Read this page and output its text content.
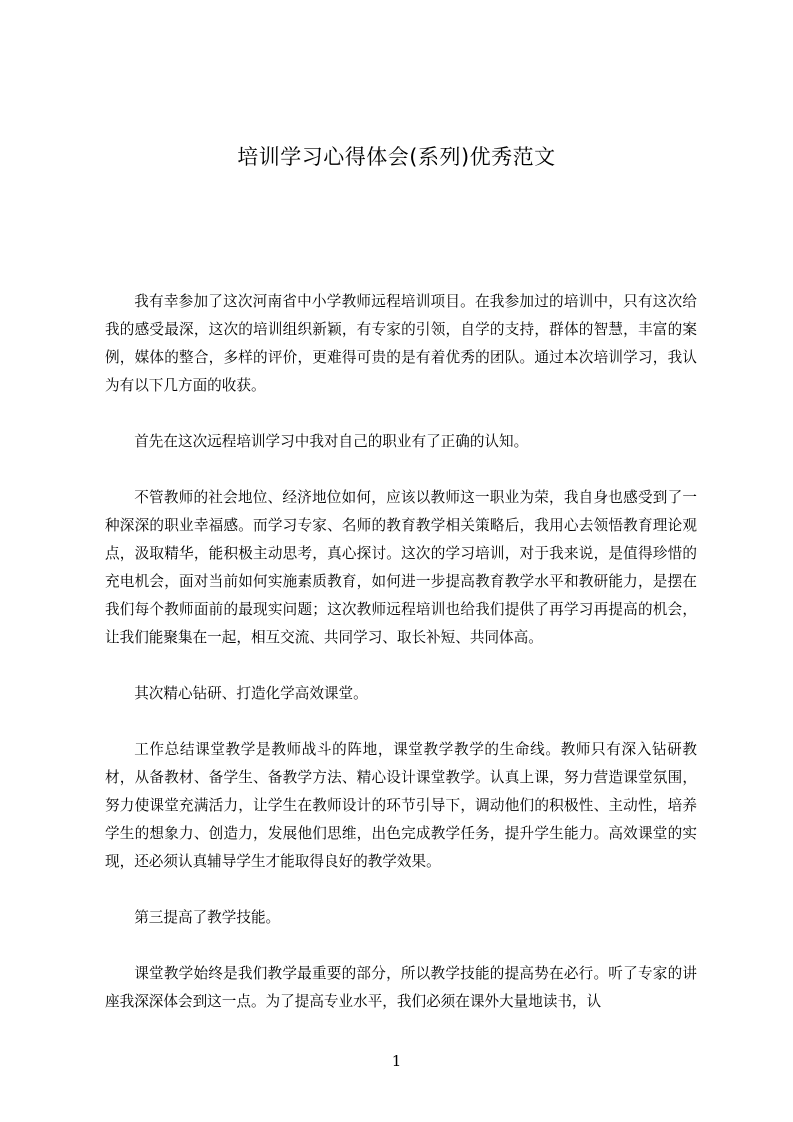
培训学习心得体会(系列)优秀范文

我有幸参加了这次河南省中小学教师远程培训项目。在我参加过的培训中，只有这次给我的感受最深，这次的培训组织新颖，有专家的引领，自学的支持，群体的智慧，丰富的案例，媒体的整合，多样的评价，更难得可贵的是有着优秀的团队。通过本次培训学习，我认为有以下几方面的收获。

首先在这次远程培训学习中我对自己的职业有了正确的认知。

不管教师的社会地位、经济地位如何，应该以教师这一职业为荣，我自身也感受到了一种深深的职业幸福感。而学习专家、名师的教育教学相关策略后，我用心去领悟教育理论观点，汲取精华，能积极主动思考，真心探讨。这次的学习培训，对于我来说，是值得珍惜的充电机会，面对当前如何实施素质教育，如何进一步提高教育教学水平和教研能力，是摆在我们每个教师面前的最现实问题；这次教师远程培训也给我们提供了再学习再提高的机会，让我们能聚集在一起，相互交流、共同学习、取长补短、共同体高。

其次精心钻研、打造化学高效课堂。

工作总结课堂教学是教师战斗的阵地，课堂教学教学的生命线。教师只有深入钻研教材，从备教材、备学生、备教学方法、精心设计课堂教学。认真上课，努力营造课堂氛围，努力使课堂充满活力，让学生在教师设计的环节引导下，调动他们的积极性、主动性，培养学生的想象力、创造力，发展他们思维，出色完成教学任务，提升学生能力。高效课堂的实现，还必须认真辅导学生才能取得良好的教学效果。

第三提高了教学技能。

课堂教学始终是我们教学最重要的部分，所以教学技能的提高势在必行。听了专家的讲座我深深体会到这一点。为了提高专业水平，我们必须在课外大量地读书，认

1
